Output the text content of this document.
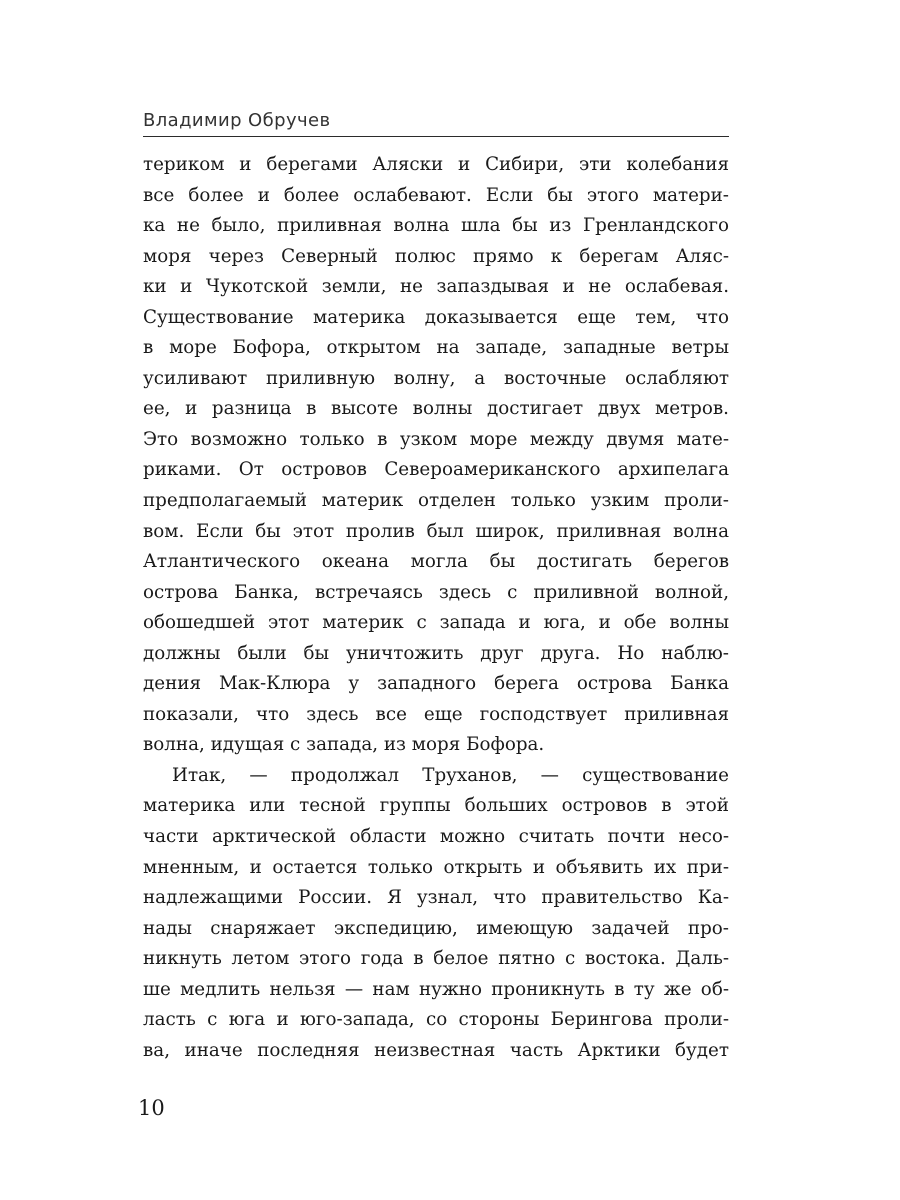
Владимир Обручев
териком и берегами Аляски и Сибири, эти колебания
все более и более ослабевают. Если бы этого матери-
ка не было, приливная волна шла бы из Гренландского
моря через Северный полюс прямо к берегам Аляс-
ки и Чукотской земли, не запаздывая и не ослабевая.
Существование материка доказывается еще тем, что
в море Бофора, открытом на западе, западные ветры
усиливают приливную волну, а восточные ослабляют
ее, и разница в высоте волны достигает двух метров.
Это возможно только в узком море между двумя мате-
риками. От островов Североамериканского архипелага
предполагаемый материк отделен только узким проли-
вом. Если бы этот пролив был широк, приливная волна
Атлантического океана могла бы достигать берегов
острова Банка, встречаясь здесь с приливной волной,
обошедшей этот материк с запада и юга, и обе волны
должны были бы уничтожить друг друга. Но наблю-
дения Мак-Клюра у западного берега острова Банка
показали, что здесь все еще господствует приливная
волна, идущая с запада, из моря Бофора.
Итак, — продолжал Труханов, — существование
материка или тесной группы больших островов в этой
части арктической области можно считать почти несо-
мненным, и остается только открыть и объявить их при-
надлежащими России. Я узнал, что правительство Ка-
нады снаряжает экспедицию, имеющую задачей про-
никнуть летом этого года в белое пятно с востока. Даль-
ше медлить нельзя — нам нужно проникнуть в ту же об-
ласть с юга и юго-запада, со стороны Берингова проли-
ва, иначе последняя неизвестная часть Арктики будет
10
